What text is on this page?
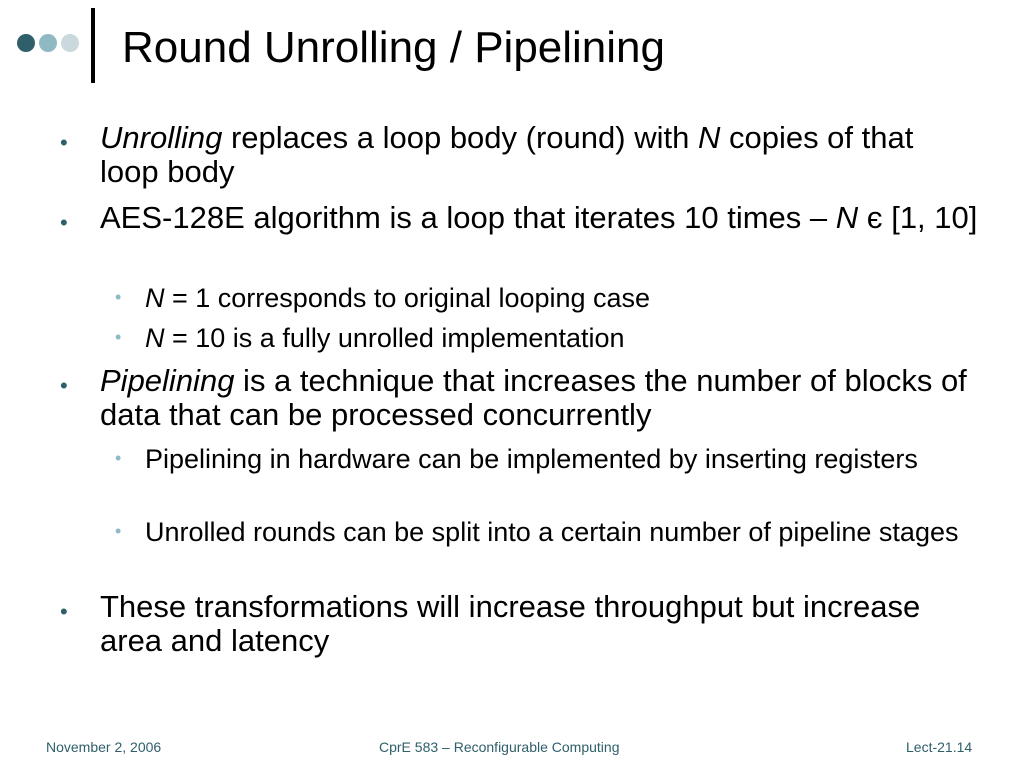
Round Unrolling / Pipelining
• Unrolling replaces a loop body (round) with N copies of that loop body
• AES-128E algorithm is a loop that iterates 10 times – N є [1, 10]
• N = 1 corresponds to original looping case
• N = 10 is a fully unrolled implementation
• Pipelining is a technique that increases the number of blocks of data that can be processed concurrently
• Pipelining in hardware can be implemented by inserting registers
• Unrolled rounds can be split into a certain number of pipeline stages
• These transformations will increase throughput but increase area and latency
November 2, 2006	CprE 583 – Reconfigurable Computing	Lect-21.14
